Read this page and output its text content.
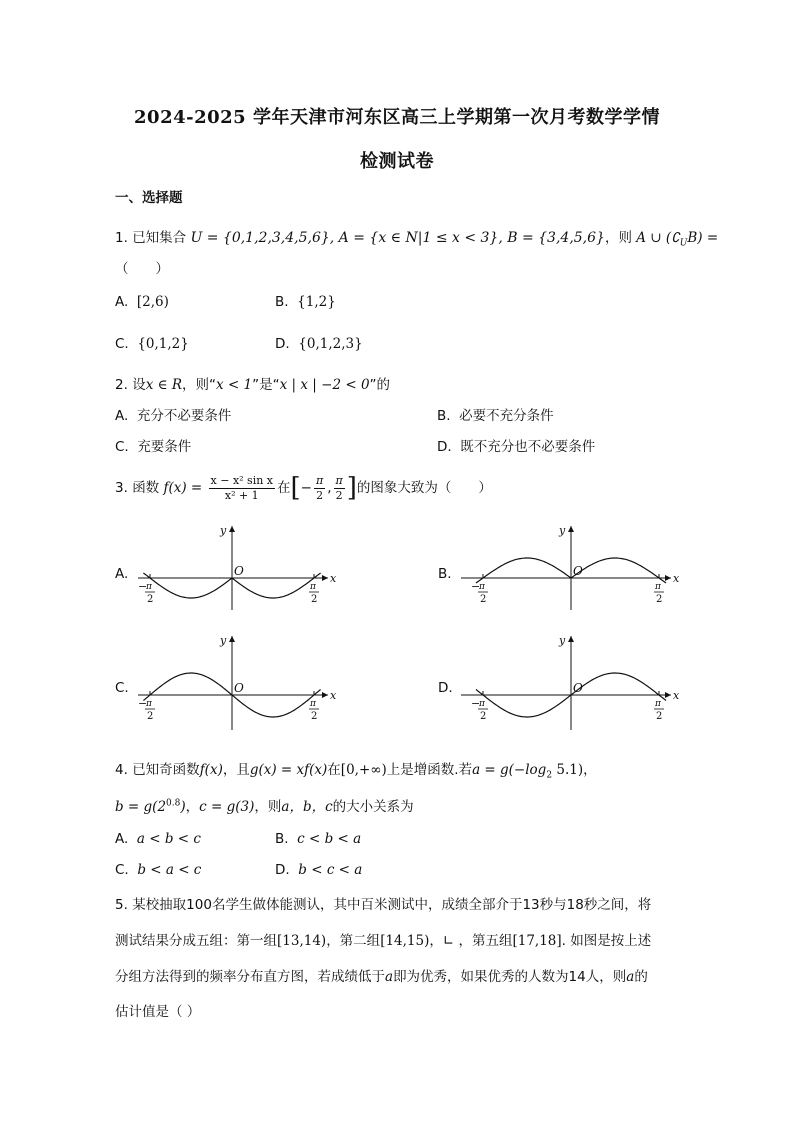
2024-2025 学年天津市河东区高三上学期第一次月考数学学情
检测试卷
一、选择题
1. 已知集合 U = {0,1,2,3,4,5,6}, A = {x ∈ N|1 ≤ x < 3}, B = {3,4,5,6}，则 A ∪ $(∁_UB)$ =
（　　）
A. [2,6)	B. {1,2}
C. {0,1,2}	D. {0,1,2,3}
2. 设x ∈ R，则“x < 1”是“x | x | −2 < 0”的
A. 充分不必要条件	B. 必要不充分条件
C. 充要条件	D. 既不充分也不必要条件
3. 函数 $f(x) = \frac{\text{x − x² sin x}}{\text{x² + 1}}$ 在[− $\frac{\pi}{2}$ , $\frac{\pi}{2}$ ]的图象大致为（　　）
A.	B.
C.	D.
y
x
O
−
π
2
π
2
y
x
O
−
π
2
π
2
y
x
O
−
π
2
π
2
y
x
O
−
π
2
π
2
4. 已知奇函数f(x)，且g(x) = xf(x)在[0,+∞)上是增函数.若$a = g(-\log_2$ 5.1)，
$b = g(2^{0.8})$，c = g(3)，则a，b，c的大小关系为
A. a < b < c	B. c < b < a
C. b < a < c	D. b < c < a
5. 某校抽取100名学生做体能测认，其中百米测试中，成绩全部介于13秒与18秒之间，将
测试结果分成五组：第一组[13,14)，第二组[14,15)，∟ ，第五组[17,18]. 如图是按上述
分组方法得到的频率分布直方图，若成绩低于a即为优秀，如果优秀的人数为14人，则a的
估计值是（ ）
